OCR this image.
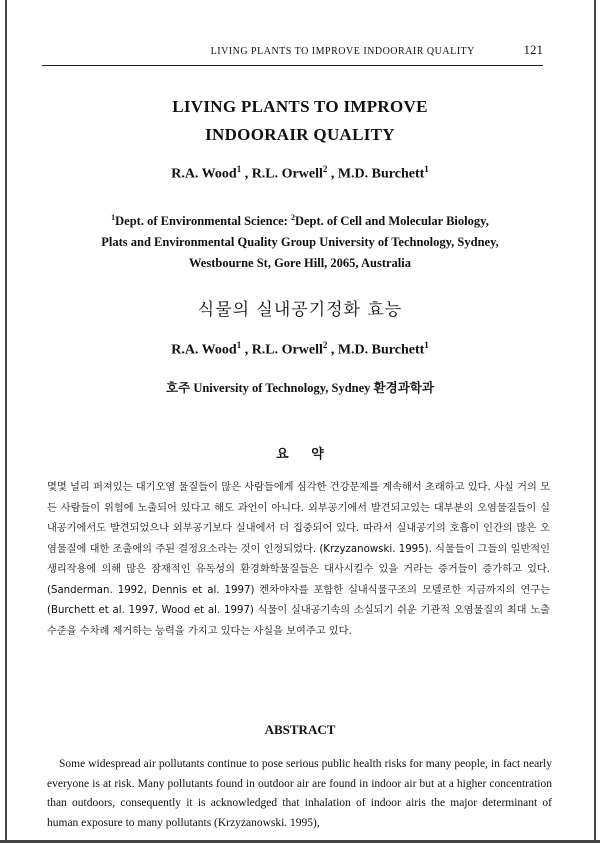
LIVING PLANTS TO IMPROVE INDOORAIR QUALITY	121
LIVING PLANTS TO IMPROVE
INDOORAIR QUALITY
R.A. Wood$^1$ , R.L. Orwell$^2$ , M.D. Burchett$^1$
$^1$Dept. of Environmental Science: $^2$Dept. of Cell and Molecular Biology,
Plats and Environmental Quality Group University of Technology, Sydney,
Westbourne St, Gore Hill, 2065, Australia
식물의 실내공기정화 효능
R.A. Wood$^1$ , R.L. Orwell$^2$ , M.D. Burchett$^1$
호주 University of Technology, Sydney 환경과학과
요 약

몇몇 널리 퍼져있는 대기오염 물질들이 많은 사람들에게 심각한 건강문제를 계속해서 초래하고 있다. 사실 거의 모든 사람들이 위험에 노출되어 있다고 해도 과언이 아니다. 외부공기에서 발견되고있는 대부분의 오염물질들이 실내공기에서도 발견되었으나 외부공기보다 실내에서 더 집중되어 있다. 따라서 실내공기의 호흡이 인간의 많은 오염물질에 대한 조출에의 주된 결정요소라는 것이 인정되었다. (Krzyzanowski. 1995). 식물들이 그들의 일반적인 생리작용에 의해 많은 잠재적인 유독성의 환경화학물질들은 대사시킬수 있을 거라는 증거들이 증가하고 있다. (Sanderman. 1992, Dennis et al. 1997) 켄차야자를 포함한 실내식물구조의 모델로한 지금까지의 연구는 (Burchett et al. 1997, Wood et al. 1997) 식물이 실내공기속의 소실되기 쉬운 기관적 오염물질의 최대 노출 수준을 수차례 제거하는 능력을 가지고 있다는 사실을 보여주고 있다.

ABSTRACT

Some widespread air pollutants continue to pose serious public health risks for many people, in fact nearly everyone is at risk. Many pollutants found in outdoor air are found in indoor air but at a higher concentration than outdoors, consequently it is acknowledged that inhalation of indoor airis the major determinant of human exposure to many pollutants (Krzyzanowski. 1995),
